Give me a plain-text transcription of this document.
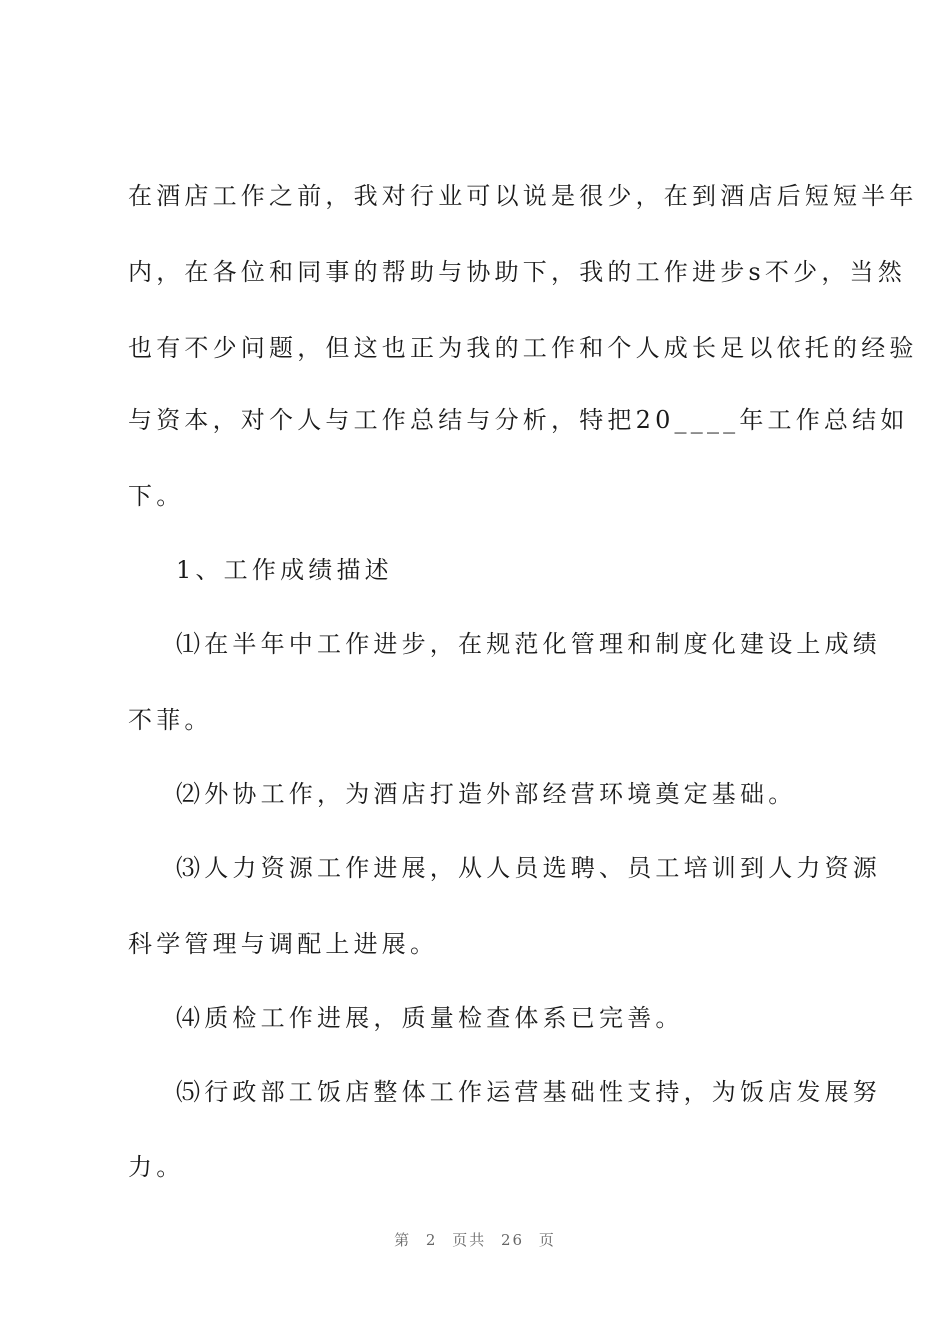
在酒店工作之前，我对行业可以说是很少，在到酒店后短短半年
内，在各位和同事的帮助与协助下，我的工作进步s不少，当然
也有不少问题，但这也正为我的工作和个人成长足以依托的经验
与资本，对个人与工作总结与分析，特把20____年工作总结如
下。
1、工作成绩描述
⑴在半年中工作进步，在规范化管理和制度化建设上成绩
不菲。
⑵外协工作，为酒店打造外部经营环境奠定基础。
⑶人力资源工作进展，从人员选聘、员工培训到人力资源
科学管理与调配上进展。
⑷质检工作进展，质量检查体系已完善。
⑸行政部工饭店整体工作运营基础性支持，为饭店发展努
力。
第 2 页共 26 页
